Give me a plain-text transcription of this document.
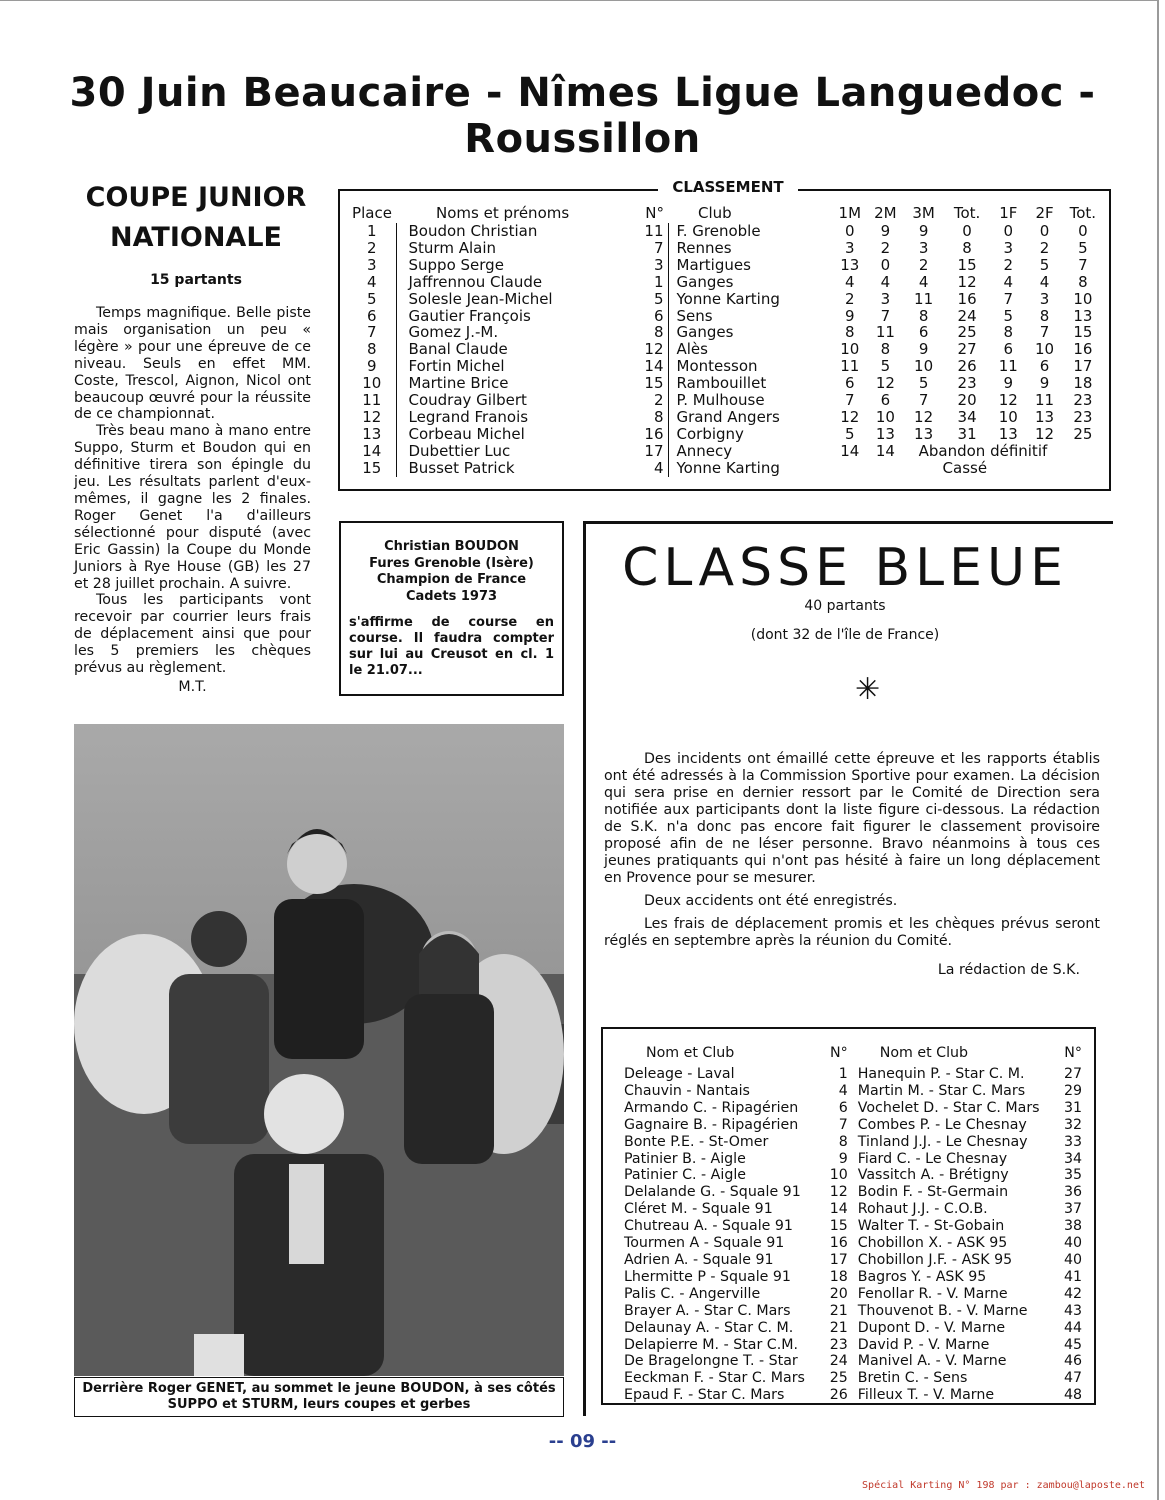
30 Juin Beaucaire - Nîmes Ligue Languedoc - Roussillon
COUPE JUNIOR NATIONALE
15 partants

Temps magnifique. Belle piste mais organisation un peu « légère » pour une épreuve de ce niveau. Seuls en effet MM. Coste, Trescol, Aignon, Nicol ont beaucoup œuvré pour la réussite de ce championnat.

Très beau mano à mano entre Suppo, Sturm et Boudon qui en définitive tirera son épingle du jeu. Les résultats parlent d'eux-mêmes, il gagne les 2 finales. Roger Genet l'a d'ailleurs sélectionné pour disputé (avec Eric Gassin) la Coupe du Monde Juniors à Rye House (GB) les 27 et 28 juillet prochain. A suivre.

Tous les participants vont recevoir par courrier leurs frais de déplacement ainsi que pour les 5 premiers les chèques prévus au règlement.

M.T.

CLASSEMENT
Place	Noms et prénoms	N°	Club	1M	2M	3M	Tot.	1F	2F	Tot.
1	Boudon Christian	11	F. Grenoble	0	9	9	0	0	0	0
2	Sturm Alain	7	Rennes	3	2	3	8	3	2	5
3	Suppo Serge	3	Martigues	13	0	2	15	2	5	7
4	Jaffrennou Claude	1	Ganges	4	4	4	12	4	4	8
5	Solesle Jean-Michel	5	Yonne Karting	2	3	11	16	7	3	10
6	Gautier François	6	Sens	9	7	8	24	5	8	13
7	Gomez J.-M.	8	Ganges	8	11	6	25	8	7	15
8	Banal Claude	12	Alès	10	8	9	27	6	10	16
9	Fortin Michel	14	Montesson	11	5	10	26	11	6	17
10	Martine Brice	15	Rambouillet	6	12	5	23	9	9	18
11	Coudray Gilbert	2	P. Mulhouse	7	6	7	20	12	11	23
12	Legrand Franois	8	Grand Angers	12	10	12	34	10	13	23
13	Corbeau Michel	16	Corbigny	5	13	13	31	13	12	25
14	Dubettier Luc	17	Annecy	14	14	Abandon définitif				
15	Busset Patrick	4	Yonne Karting			Cassé				
Christian BOUDON
Fures Grenoble (Isère)
Champion de France
Cadets 1973
s'affirme de course en course. Il faudra compter sur lui au Creusot en cl. 1 le 21.07...
Derrière Roger GENET, au sommet le jeune BOUDON, à ses côtés SUPPO et STURM, leurs coupes et gerbes
CLASSE BLEUE
40 partants
(dont 32 de l'île de France)
✳

Des incidents ont émaillé cette épreuve et les rapports établis ont été adressés à la Commission Sportive pour examen. La décision qui sera prise en dernier ressort par le Comité de Direction sera notifiée aux participants dont la liste figure ci-dessous. La rédaction de S.K. n'a donc pas encore fait figurer le classement provisoire proposé afin de ne léser personne. Bravo néanmoins à tous ces jeunes pratiquants qui n'ont pas hésité à faire un long déplacement en Provence pour se mesurer.

Deux accidents ont été enregistrés.

Les frais de déplacement promis et les chèques prévus seront réglés en septembre après la réunion du Comité.

La rédaction de S.K.

Nom et Club	N°	Nom et Club	N°
Deleage - Laval	1	Hanequin P. - Star C. M.	27
Chauvin - Nantais	4	Martin M. - Star C. Mars	29
Armando C. - Ripagérien	6	Vochelet D. - Star C. Mars	31
Gagnaire B. - Ripagérien	7	Combes P. - Le Chesnay	32
Bonte P.E. - St-Omer	8	Tinland J.J. - Le Chesnay	33
Patinier B. - Aigle	9	Fiard C. - Le Chesnay	34
Patinier C. - Aigle	10	Vassitch A. - Brétigny	35
Delalande G. - Squale 91	12	Bodin F. - St-Germain	36
Cléret M. - Squale 91	14	Rohaut J.J. - C.O.B.	37
Chutreau A. - Squale 91	15	Walter T. - St-Gobain	38
Tourmen A - Squale 91	16	Chobillon X. - ASK 95	40
Adrien A. - Squale 91	17	Chobillon J.F. - ASK 95	40
Lhermitte P - Squale 91	18	Bagros Y. - ASK 95	41
Palis C. - Angerville	20	Fenollar R. - V. Marne	42
Brayer A. - Star C. Mars	21	Thouvenot B. - V. Marne	43
Delaunay A. - Star C. M.	21	Dupont D. - V. Marne	44
Delapierre M. - Star C.M.	23	David P. - V. Marne	45
De Bragelongne T. - Star	24	Manivel A. - V. Marne	46
Eeckman F. - Star C. Mars	25	Bretin C. - Sens	47
Epaud F. - Star C. Mars	26	Filleux T. - V. Marne	48
-- 09 --
Spécial Karting N° 198 par : zambou@laposte.net
